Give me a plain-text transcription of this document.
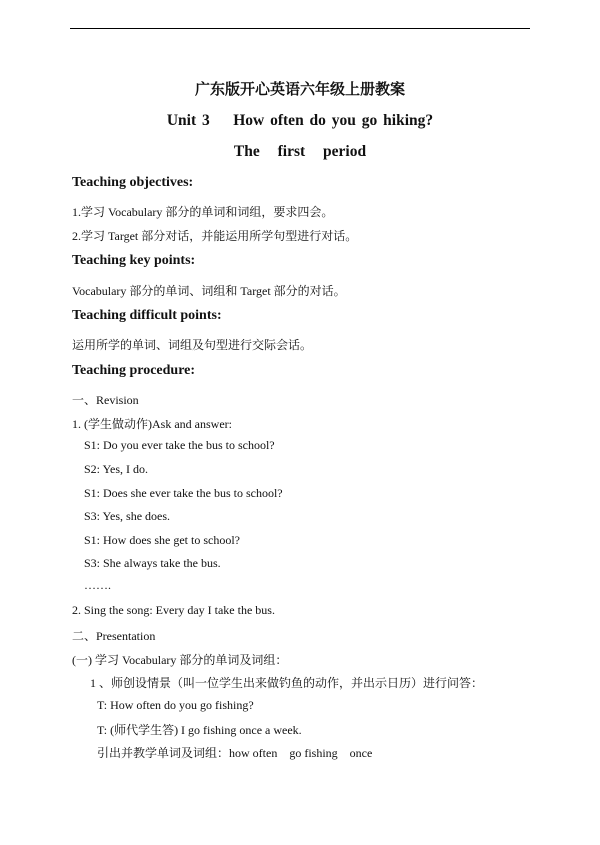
广东版开心英语六年级上册教案
Unit 3    How often do you go hiking?
The first period
Teaching objectives:
1.学习 Vocabulary 部分的单词和词组，要求四会。
2.学习 Target 部分对话，并能运用所学句型进行对话。
Teaching key points:
Vocabulary 部分的单词、词组和 Target 部分的对话。
Teaching difficult points:
运用所学的单词、词组及句型进行交际会话。
Teaching procedure:
一、Revision
1. (学生做动作)Ask and answer:
S1: Do you ever take the bus to school?
S2: Yes, I do.
S1: Does she ever take the bus to school?
S3: Yes, she does.
S1: How does she get to school?
S3: She always take the bus.
…….
2. Sing the song: Every day I take the bus.
二、Presentation
(一) 学习 Vocabulary 部分的单词及词组：
1 、师创设情景（叫一位学生出来做钓鱼的动作，并出示日历）进行问答：
T: How often do you go fishing?
T: (师代学生答) I go fishing once a week.
引出并教学单词及词组：how often    go fishing    once
